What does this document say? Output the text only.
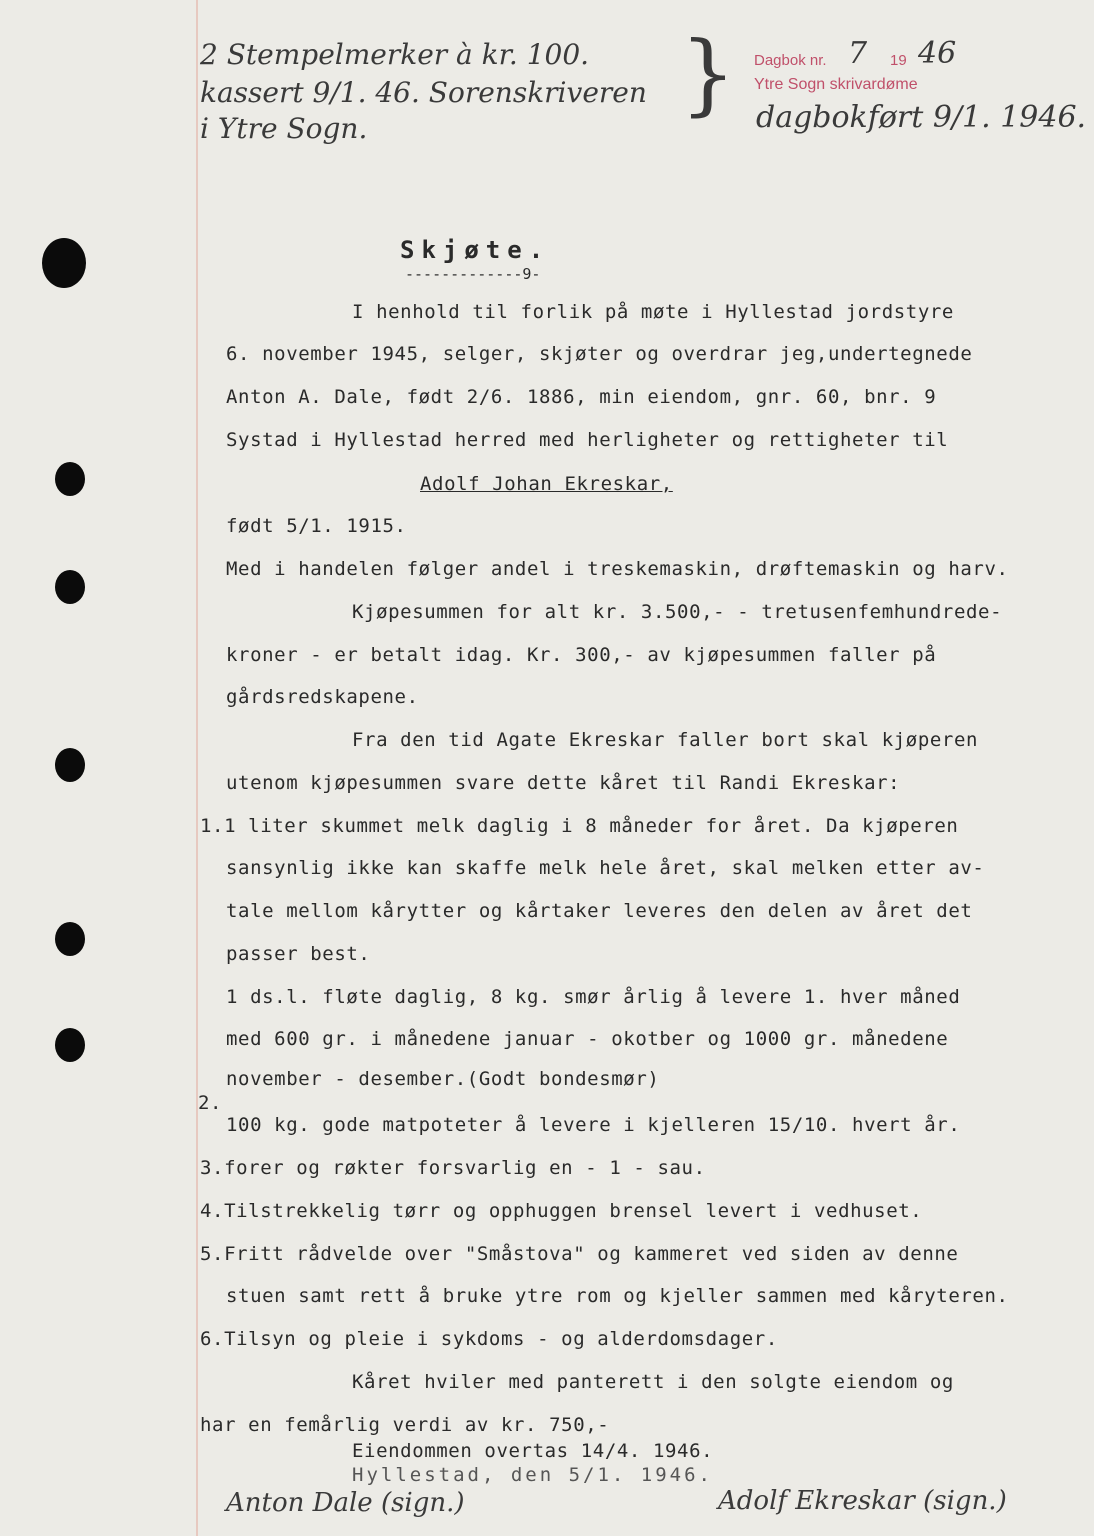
2 Stempelmerker à kr. 100.
kassert 9/1. 46. Sorenskriveren
i Ytre Sogn.
} Dagbok nr. 7 19 46
Ytre Sogn skrivardøme
dagbokført 9/1. 1946.
Skjøte.
-------------9-
I henhold til forlik på møte i Hyllestad jordstyre
6. november 1945, selger, skjøter og overdrar jeg,undertegnede
Anton A. Dale, født 2/6. 1886, min eiendom, gnr. 60, bnr. 9
Systad i Hyllestad herred med herligheter og rettigheter til
Adolf Johan Ekreskar,
født 5/1. 1915.
Med i handelen følger andel i treskemaskin, drøftemaskin og harv.
Kjøpesummen for alt kr. 3.500,- - tretusenfemhundrede-
kroner - er betalt idag. Kr. 300,- av kjøpesummen faller på
gårdsredskapene.
Fra den tid Agate Ekreskar faller bort skal kjøperen
utenom kjøpesummen svare dette kåret til Randi Ekreskar:
1.1 liter skummet melk daglig i 8 måneder for året. Da kjøperen
sansynlig ikke kan skaffe melk hele året, skal melken etter av-
tale mellom kårytter og kårtaker leveres den delen av året det
passer best.
1 ds.l. fløte daglig, 8 kg. smør årlig å levere 1. hver måned
med 600 gr. i månedene januar - okotber og 1000 gr. månedene
november - desember.(Godt bondesmør)
2.
100 kg. gode matpoteter å levere i kjelleren 15/10. hvert år.
3.forer og røkter forsvarlig en - 1 - sau.
4.Tilstrekkelig tørr og opphuggen brensel levert i vedhuset.
5.Fritt rådvelde over "Småstova" og kammeret ved siden av denne
stuen samt rett å bruke ytre rom og kjeller sammen med kåryteren.
6.Tilsyn og pleie i sykdoms - og alderdomsdager.
Kåret hviler med panterett i den solgte eiendom og
har en femårlig verdi av kr. 750,-
Eiendommen overtas 14/4. 1946.
Hyllestad, den 5/1. 1946.
Anton Dale (sign.)	Adolf Ekreskar (sign.)
